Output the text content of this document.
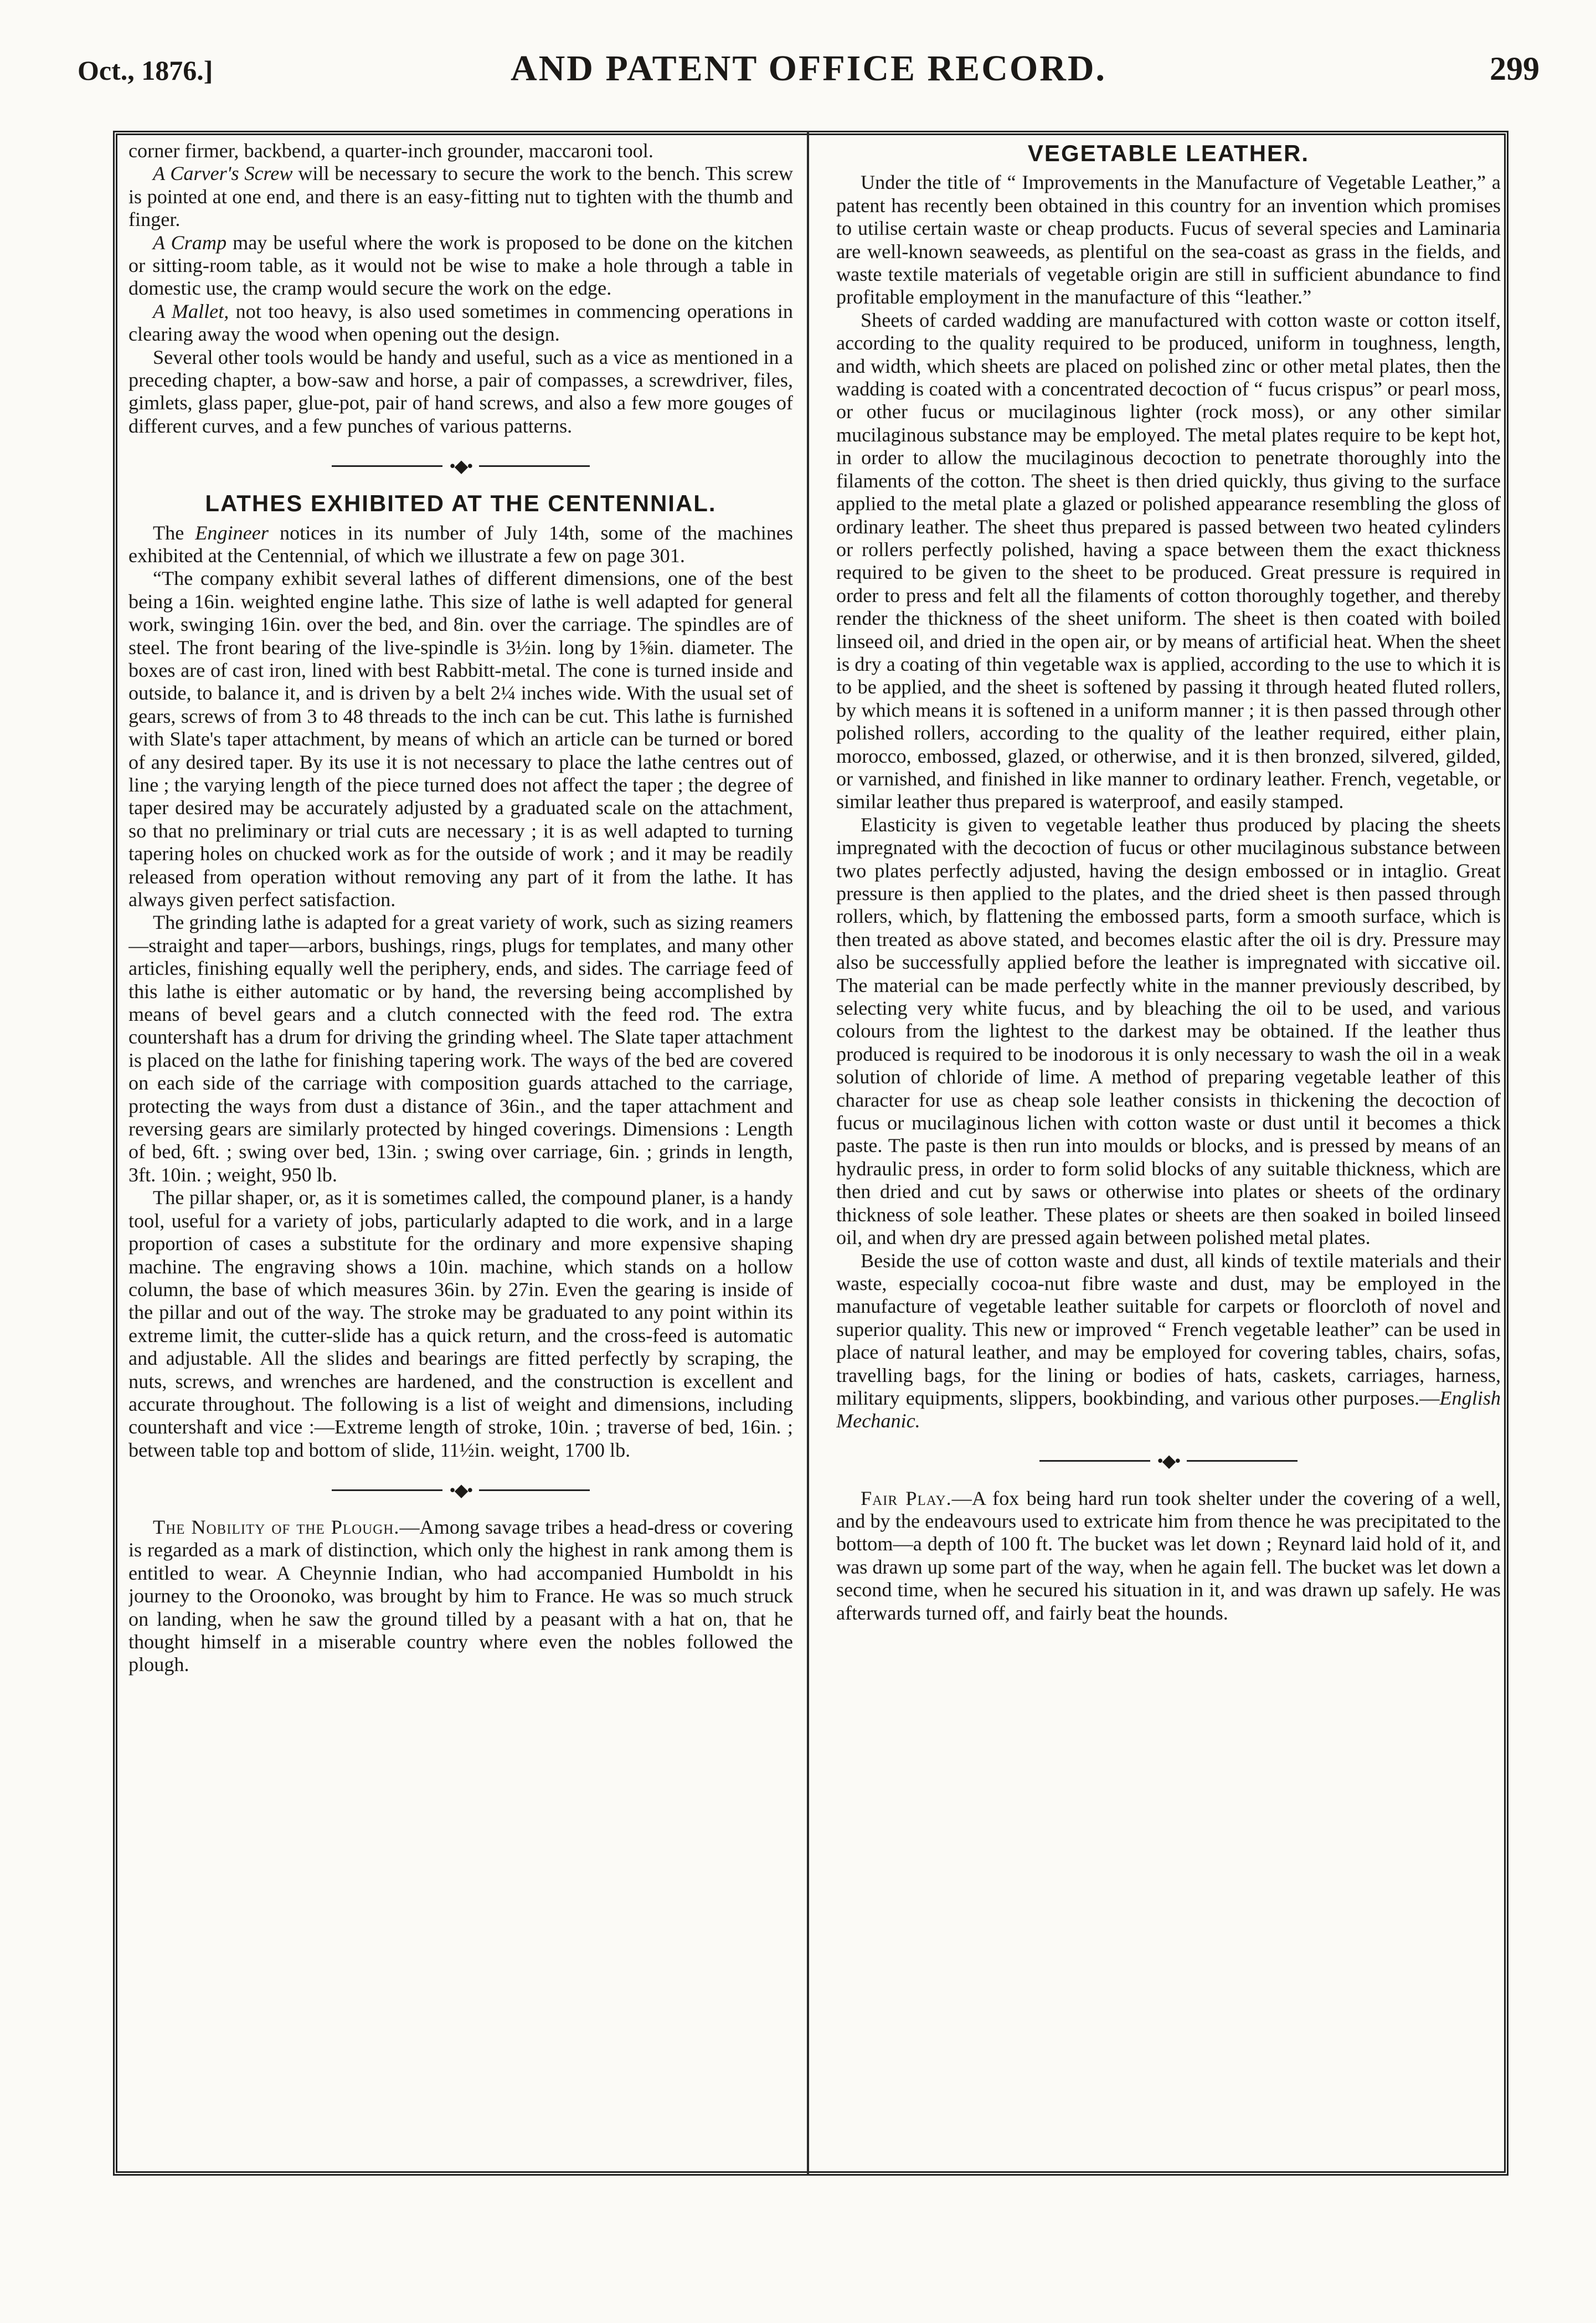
Oct., 1876.]	AND PATENT OFFICE RECORD.	299

corner firmer, backbend, a quarter-inch grounder, maccaroni tool.

A Carver's Screw will be necessary to secure the work to the bench. This screw is pointed at one end, and there is an easy-fitting nut to tighten with the thumb and finger.

A Cramp may be useful where the work is proposed to be done on the kitchen or sitting-room table, as it would not be wise to make a hole through a table in domestic use, the cramp would secure the work on the edge.

A Mallet, not too heavy, is also used sometimes in commencing operations in clearing away the wood when opening out the design.

Several other tools would be handy and useful, such as a vice as mentioned in a preceding chapter, a bow-saw and horse, a pair of compasses, a screwdriver, files, gimlets, glass paper, glue-pot, pair of hand screws, and also a few more gouges of different curves, and a few punches of various patterns.

•◆•
LATHES EXHIBITED AT THE CENTENNIAL.

The Engineer notices in its number of July 14th, some of the machines exhibited at the Centennial, of which we illustrate a few on page 301.

“The company exhibit several lathes of different dimensions, one of the best being a 16in. weighted engine lathe. This size of lathe is well adapted for general work, swinging 16in. over the bed, and 8in. over the carriage. The spindles are of steel. The front bearing of the live-spindle is 3½in. long by 1⅝in. diameter. The boxes are of cast iron, lined with best Rabbitt-metal. The cone is turned inside and outside, to balance it, and is driven by a belt 2¼ inches wide. With the usual set of gears, screws of from 3 to 48 threads to the inch can be cut. This lathe is furnished with Slate's taper attachment, by means of which an article can be turned or bored of any desired taper. By its use it is not necessary to place the lathe centres out of line ; the varying length of the piece turned does not affect the taper ; the degree of taper desired may be accurately adjusted by a graduated scale on the attachment, so that no preliminary or trial cuts are necessary ; it is as well adapted to turning tapering holes on chucked work as for the outside of work ; and it may be readily released from operation without removing any part of it from the lathe. It has always given perfect satisfaction.

The grinding lathe is adapted for a great variety of work, such as sizing reamers—straight and taper—arbors, bushings, rings, plugs for templates, and many other articles, finishing equally well the periphery, ends, and sides. The carriage feed of this lathe is either automatic or by hand, the reversing being accomplished by means of bevel gears and a clutch connected with the feed rod. The extra countershaft has a drum for driving the grinding wheel. The Slate taper attachment is placed on the lathe for finishing tapering work. The ways of the bed are covered on each side of the carriage with composition guards attached to the carriage, protecting the ways from dust a distance of 36in., and the taper attachment and reversing gears are similarly protected by hinged coverings. Dimensions : Length of bed, 6ft. ; swing over bed, 13in. ; swing over carriage, 6in. ; grinds in length, 3ft. 10in. ; weight, 950 lb.

The pillar shaper, or, as it is sometimes called, the compound planer, is a handy tool, useful for a variety of jobs, particularly adapted to die work, and in a large proportion of cases a substitute for the ordinary and more expensive shaping machine. The engraving shows a 10in. machine, which stands on a hollow column, the base of which measures 36in. by 27in. Even the gearing is inside of the pillar and out of the way. The stroke may be graduated to any point within its extreme limit, the cutter-slide has a quick return, and the cross-feed is automatic and adjustable. All the slides and bearings are fitted perfectly by scraping, the nuts, screws, and wrenches are hardened, and the construction is excellent and accurate throughout. The following is a list of weight and dimensions, including countershaft and vice :—Extreme length of stroke, 10in. ; traverse of bed, 16in. ; between table top and bottom of slide, 11½in. weight, 1700 lb.

•◆•

The Nobility of the Plough.—Among savage tribes a head-dress or covering is regarded as a mark of distinction, which only the highest in rank among them is entitled to wear. A Cheynnie Indian, who had accompanied Humboldt in his journey to the Oroonoko, was brought by him to France. He was so much struck on landing, when he saw the ground tilled by a peasant with a hat on, that he thought himself in a miserable country where even the nobles followed the plough.

VEGETABLE LEATHER.

Under the title of “ Improvements in the Manufacture of Vegetable Leather,” a patent has recently been obtained in this country for an invention which promises to utilise certain waste or cheap products. Fucus of several species and Laminaria are well-known seaweeds, as plentiful on the sea-coast as grass in the fields, and waste textile materials of vegetable origin are still in sufficient abundance to find profitable employment in the manufacture of this “leather.”

Sheets of carded wadding are manufactured with cotton waste or cotton itself, according to the quality required to be produced, uniform in toughness, length, and width, which sheets are placed on polished zinc or other metal plates, then the wadding is coated with a concentrated decoction of “ fucus crispus” or pearl moss, or other fucus or mucilaginous lighter (rock moss), or any other similar mucilaginous substance may be employed. The metal plates require to be kept hot, in order to allow the mucilaginous decoction to penetrate thoroughly into the filaments of the cotton. The sheet is then dried quickly, thus giving to the surface applied to the metal plate a glazed or polished appearance resembling the gloss of ordinary leather. The sheet thus prepared is passed between two heated cylinders or rollers perfectly polished, having a space between them the exact thickness required to be given to the sheet to be produced. Great pressure is required in order to press and felt all the filaments of cotton thoroughly together, and thereby render the thickness of the sheet uniform. The sheet is then coated with boiled linseed oil, and dried in the open air, or by means of artificial heat. When the sheet is dry a coating of thin vegetable wax is applied, according to the use to which it is to be applied, and the sheet is softened by passing it through heated fluted rollers, by which means it is softened in a uniform manner ; it is then passed through other polished rollers, according to the quality of the leather required, either plain, morocco, embossed, glazed, or otherwise, and it is then bronzed, silvered, gilded, or varnished, and finished in like manner to ordinary leather. French, vegetable, or similar leather thus prepared is waterproof, and easily stamped.

Elasticity is given to vegetable leather thus produced by placing the sheets impregnated with the decoction of fucus or other mucilaginous substance between two plates perfectly adjusted, having the design embossed or in intaglio. Great pressure is then applied to the plates, and the dried sheet is then passed through rollers, which, by flattening the embossed parts, form a smooth surface, which is then treated as above stated, and becomes elastic after the oil is dry. Pressure may also be successfully applied before the leather is impregnated with siccative oil. The material can be made perfectly white in the manner previously described, by selecting very white fucus, and by bleaching the oil to be used, and various colours from the lightest to the darkest may be obtained. If the leather thus produced is required to be inodorous it is only necessary to wash the oil in a weak solution of chloride of lime. A method of preparing vegetable leather of this character for use as cheap sole leather consists in thickening the decoction of fucus or mucilaginous lichen with cotton waste or dust until it becomes a thick paste. The paste is then run into moulds or blocks, and is pressed by means of an hydraulic press, in order to form solid blocks of any suitable thickness, which are then dried and cut by saws or otherwise into plates or sheets of the ordinary thickness of sole leather. These plates or sheets are then soaked in boiled linseed oil, and when dry are pressed again between polished metal plates.

Beside the use of cotton waste and dust, all kinds of textile materials and their waste, especially cocoa-nut fibre waste and dust, may be employed in the manufacture of vegetable leather suitable for carpets or floorcloth of novel and superior quality. This new or improved “ French vegetable leather” can be used in place of natural leather, and may be employed for covering tables, chairs, sofas, travelling bags, for the lining or bodies of hats, caskets, carriages, harness, military equipments, slippers, bookbinding, and various other purposes.—English Mechanic.

•◆•

Fair Play.—A fox being hard run took shelter under the covering of a well, and by the endeavours used to extricate him from thence he was precipitated to the bottom—a depth of 100 ft. The bucket was let down ; Reynard laid hold of it, and was drawn up some part of the way, when he again fell. The bucket was let down a second time, when he secured his situation in it, and was drawn up safely. He was afterwards turned off, and fairly beat the hounds.
